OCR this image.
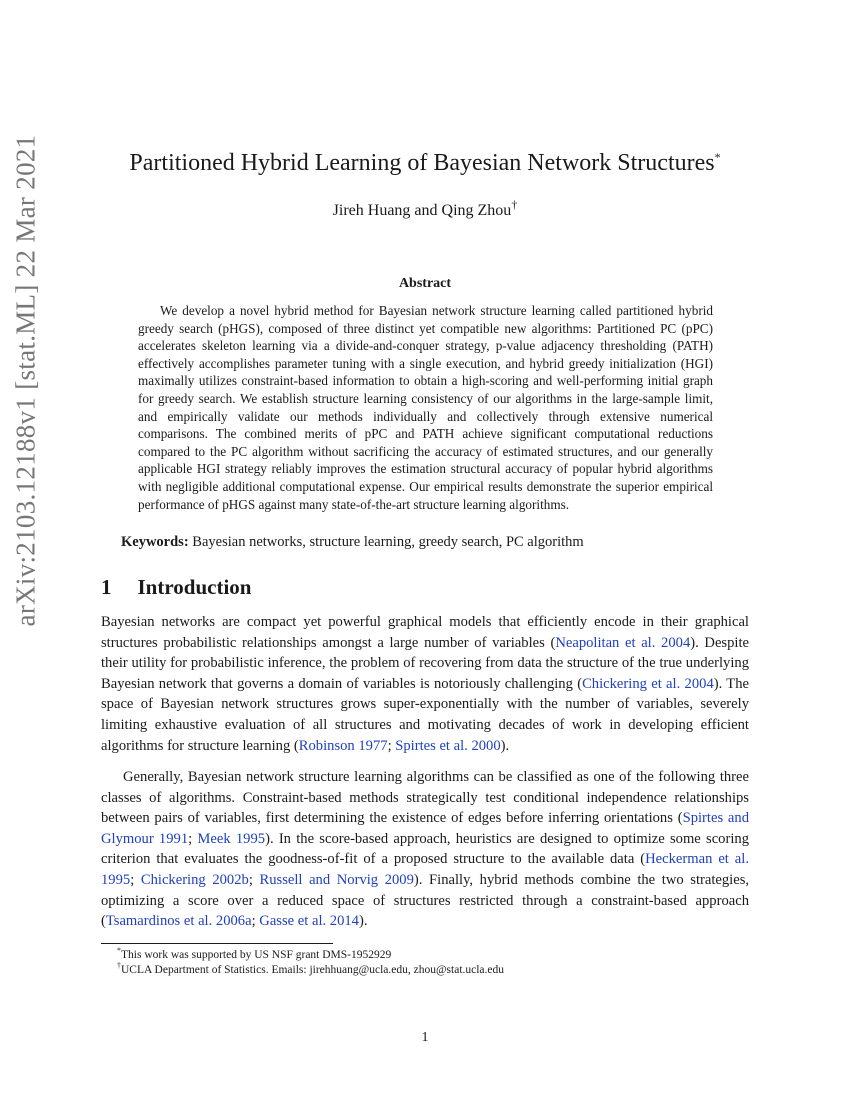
arXiv:2103.12188v1 [stat.ML] 22 Mar 2021	Partitioned Hybrid Learning of Bayesian Network Structures*
Jireh Huang and Qing Zhou†
Abstract

We develop a novel hybrid method for Bayesian network structure learning called partitioned hybrid greedy search (pHGS), composed of three distinct yet compatible new algorithms: Partitioned PC (pPC) accelerates skeleton learning via a divide-and-conquer strategy, p-value adjacency thresholding (PATH) effectively accomplishes parameter tuning with a single execution, and hybrid greedy initialization (HGI) maximally utilizes constraint-based information to obtain a high-scoring and well-performing initial graph for greedy search. We establish structure learning consistency of our algorithms in the large-sample limit, and empirically validate our methods individually and collectively through extensive numerical comparisons. The combined merits of pPC and PATH achieve significant computational reductions compared to the PC algorithm without sacrificing the accuracy of estimated structures, and our generally applicable HGI strategy reliably improves the estimation structural accuracy of popular hybrid algorithms with negligible additional computational expense. Our empirical results demonstrate the superior empirical performance of pHGS against many state-of-the-art structure learning algorithms.

Keywords: Bayesian networks, structure learning, greedy search, PC algorithm
1 Introduction

Bayesian networks are compact yet powerful graphical models that efficiently encode in their graphical structures probabilistic relationships amongst a large number of variables (Neapolitan et al. 2004). Despite their utility for probabilistic inference, the problem of recovering from data the structure of the true underlying Bayesian network that governs a domain of variables is notoriously challenging (Chickering et al. 2004). The space of Bayesian network structures grows super-exponentially with the number of variables, severely limiting exhaustive evaluation of all structures and motivating decades of work in developing efficient algorithms for structure learning (Robinson 1977; Spirtes et al. 2000).

Generally, Bayesian network structure learning algorithms can be classified as one of the following three classes of algorithms. Constraint-based methods strategically test conditional independence relationships between pairs of variables, first determining the existence of edges before inferring orientations (Spirtes and Glymour 1991; Meek 1995). In the score-based approach, heuristics are designed to optimize some scoring criterion that evaluates the goodness-of-fit of a proposed structure to the available data (Heckerman et al. 1995; Chickering 2002b; Russell and Norvig 2009). Finally, hybrid methods combine the two strategies, optimizing a score over a reduced space of structures restricted through a constraint-based approach (Tsamardinos et al. 2006a; Gasse et al. 2014).

*This work was supported by US NSF grant DMS-1952929
†UCLA Department of Statistics. Emails: jirehhuang@ucla.edu, zhou@stat.ucla.edu
1
